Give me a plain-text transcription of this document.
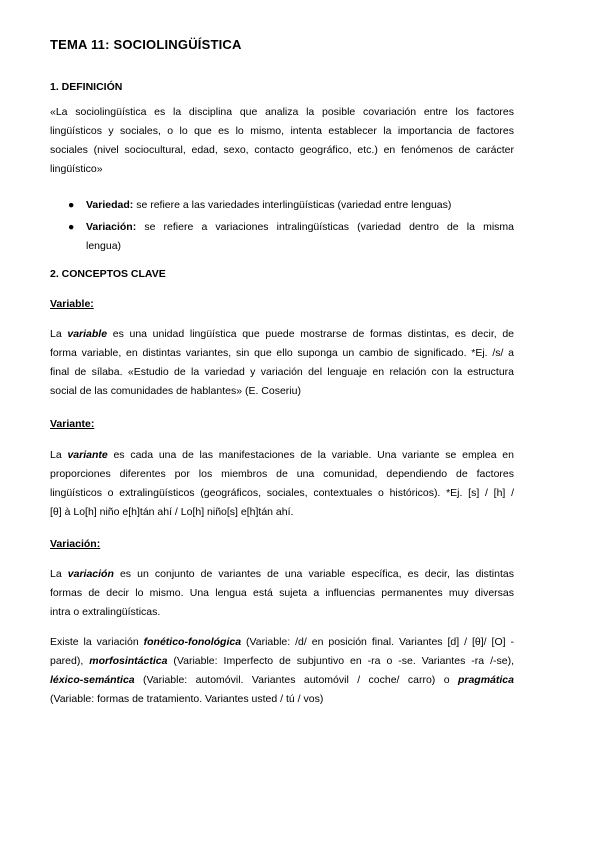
TEMA 11: SOCIOLINGÜÍSTICA
1. DEFINICIÓN
«La sociolingüística es la disciplina que analiza la posible covariación entre los factores
lingüísticos y sociales, o lo que es lo mismo, intenta establecer la importancia de factores
sociales (nivel sociocultural, edad, sexo, contacto geográfico, etc.) en fenómenos de carácter
lingüístico»
● Variedad: se refiere a las variedades interlingüísticas (variedad entre lenguas)
● Variación: se refiere a variaciones intralingüísticas (variedad dentro de la misma
lengua)
2. CONCEPTOS CLAVE
Variable:
La variable es una unidad lingüística que puede mostrarse de formas distintas, es decir, de
forma variable, en distintas variantes, sin que ello suponga un cambio de significado. *Ej. /s/ a
final de sílaba. «Estudio de la variedad y variación del lenguaje en relación con la estructura
social de las comunidades de hablantes» (E. Coseriu)
Variante:
La variante es cada una de las manifestaciones de la variable. Una variante se emplea en
proporciones diferentes por los miembros de una comunidad, dependiendo de factores
lingüísticos o extralingüísticos (geográficos, sociales, contextuales o históricos). *Ej. [s] / [h] /
[θ] à Lo[h] niño e[h]tán ahí / Lo[h] niño[s] e[h]tán ahí.
Variación:
La variación es un conjunto de variantes de una variable específica, es decir, las distintas
formas de decir lo mismo. Una lengua está sujeta a influencias permanentes muy diversas
intra o extralingüísticas.
Existe la variación fonético-fonológica (Variable: /d/ en posición final. Variantes [d] / [θ]/ [O] -
pared), morfosintáctica (Variable: Imperfecto de subjuntivo en -ra o -se. Variantes -ra /-se),
léxico-semántica (Variable: automóvil. Variantes automóvil / coche/ carro) o pragmática
(Variable: formas de tratamiento. Variantes usted / tú / vos)
